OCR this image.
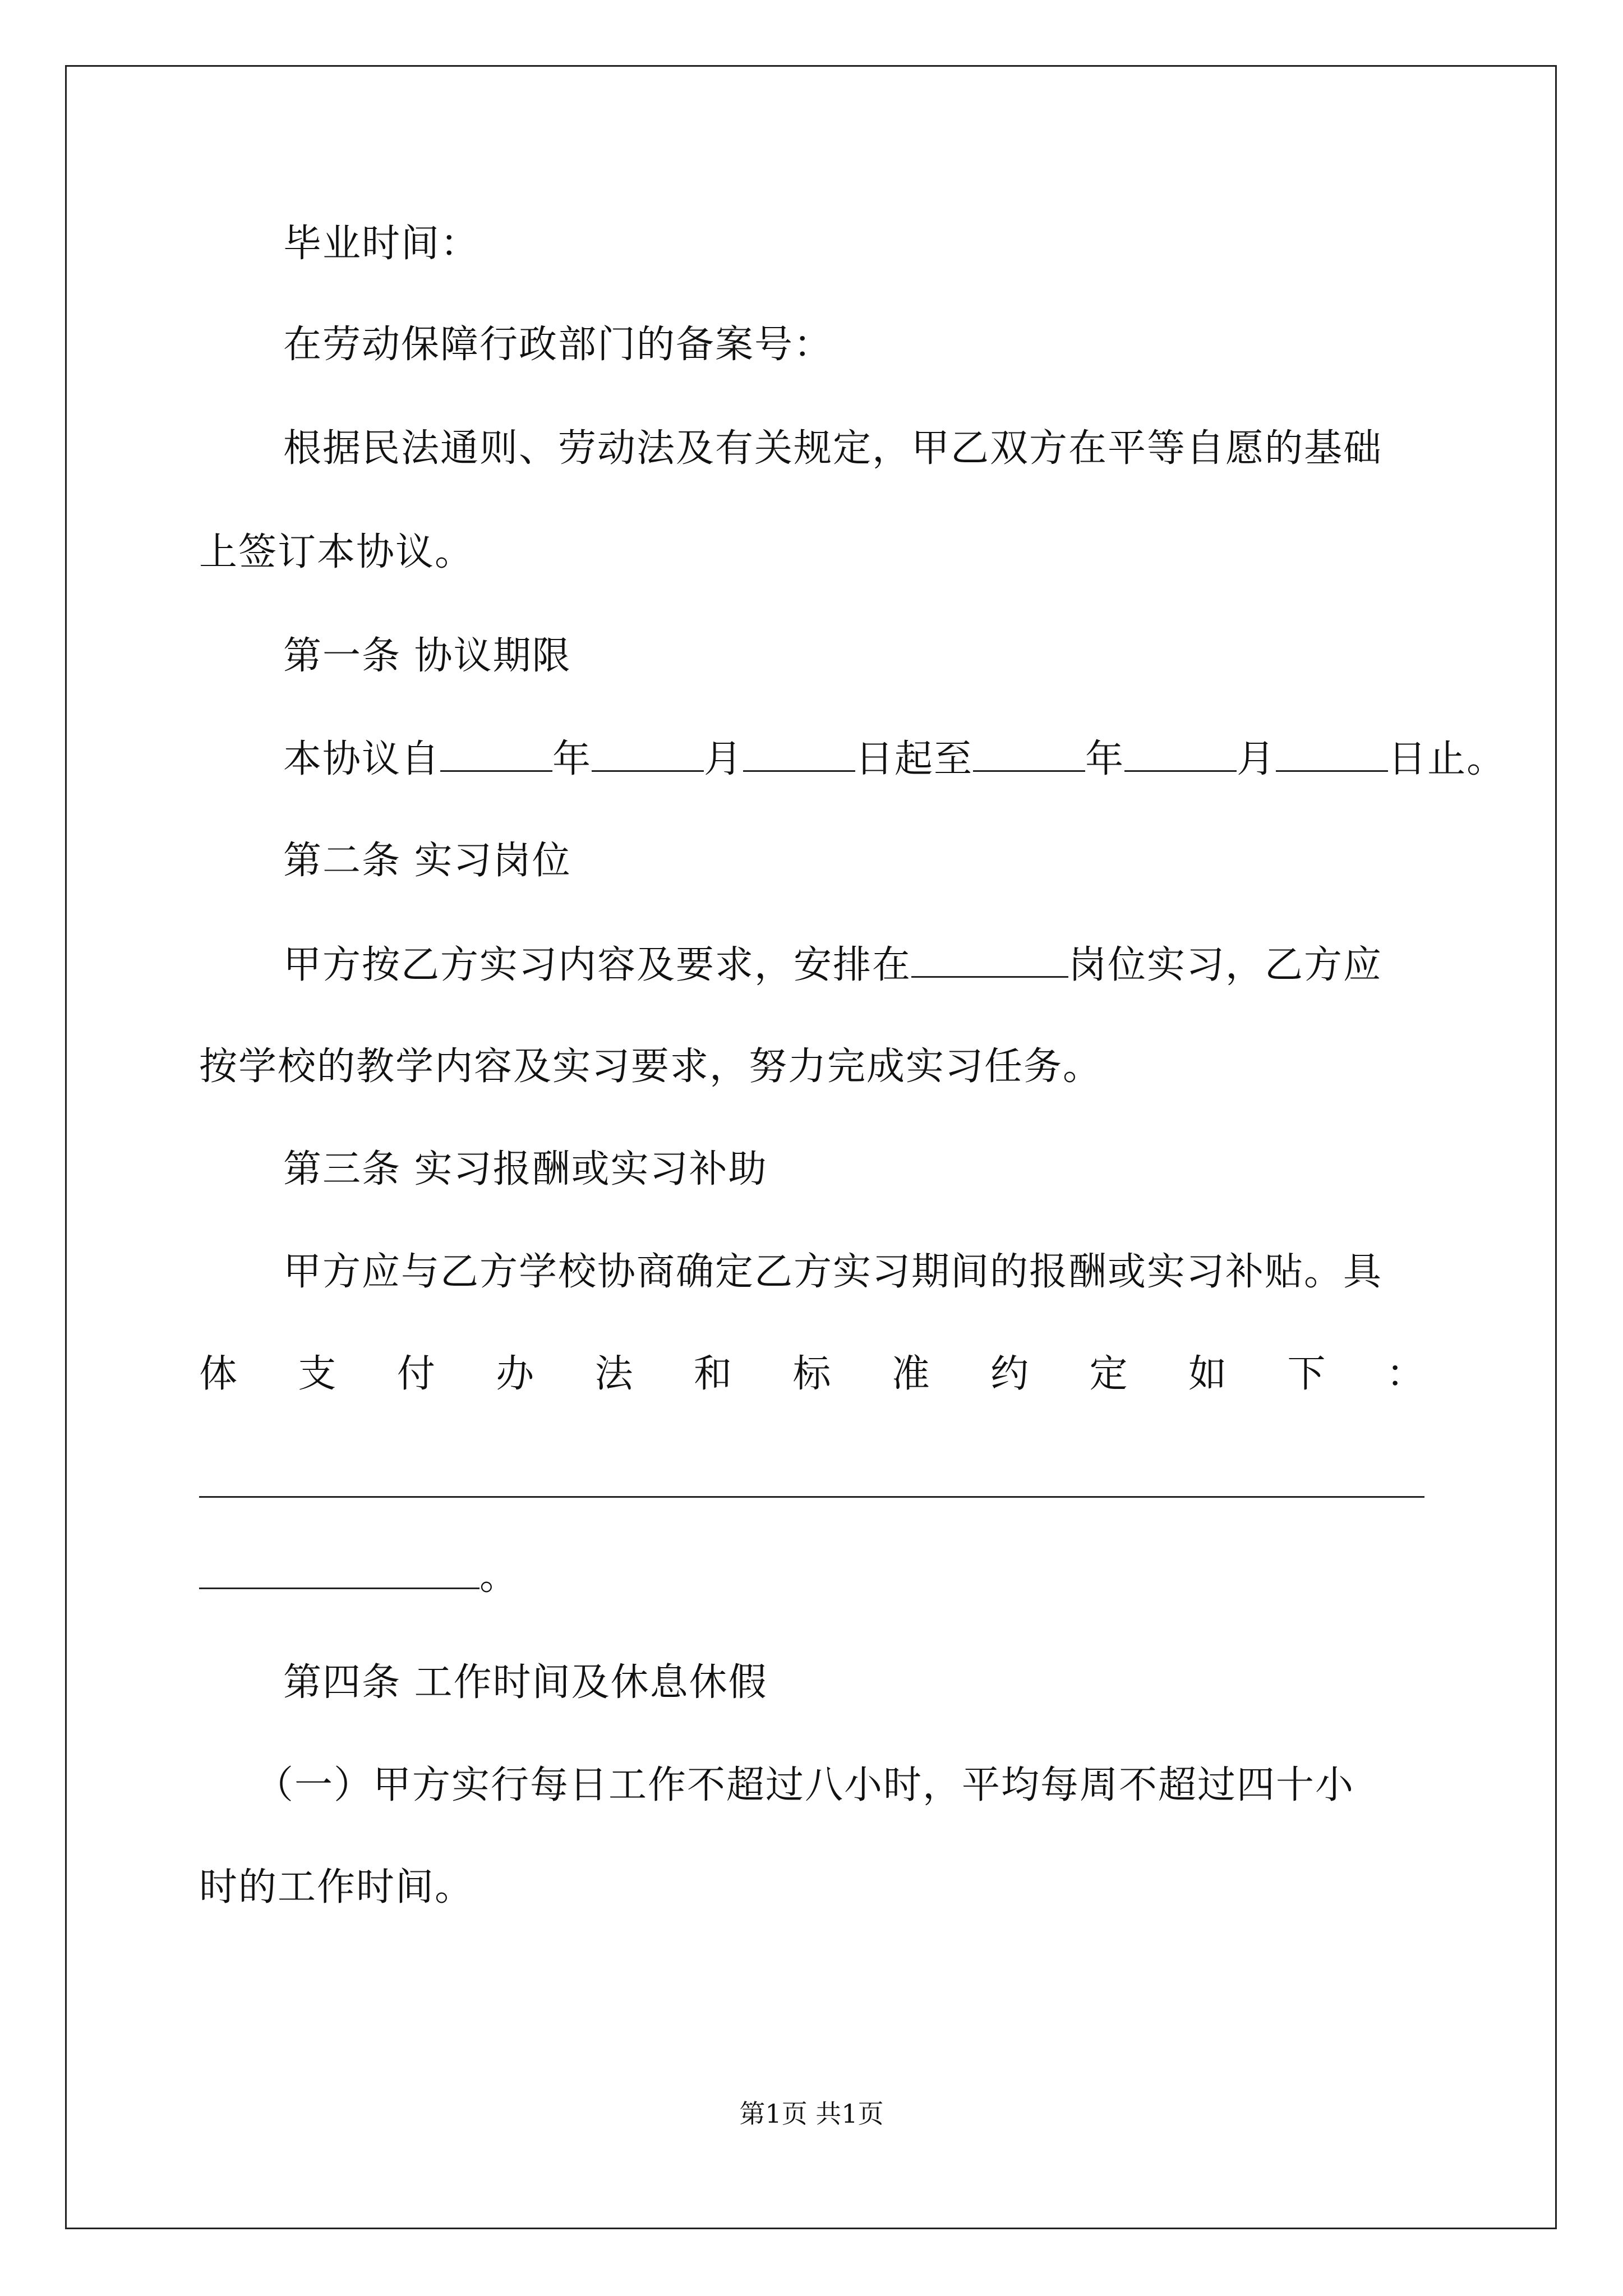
毕业时间：
在劳动保障行政部门的备案号：
根据民法通则、劳动法及有关规定，甲乙双方在平等自愿的基础
上签订本协议。
第一条 协议期限
本协议自	年	月	日起至	年	月	日止。
第二条 实习岗位
甲方按乙方实习内容及要求，安排在	岗位实习，乙方应
按学校的教学内容及实习要求，努力完成实习任务。
第三条 实习报酬或实习补助
甲方应与乙方学校协商确定乙方实习期间的报酬或实习补贴。具
体 支 付 办 法 和 标 准 约 定 如 下 ：
。
第四条 工作时间及休息休假
（一）甲方实行每日工作不超过八小时，平均每周不超过四十小
时的工作时间。
第1页 共1页
